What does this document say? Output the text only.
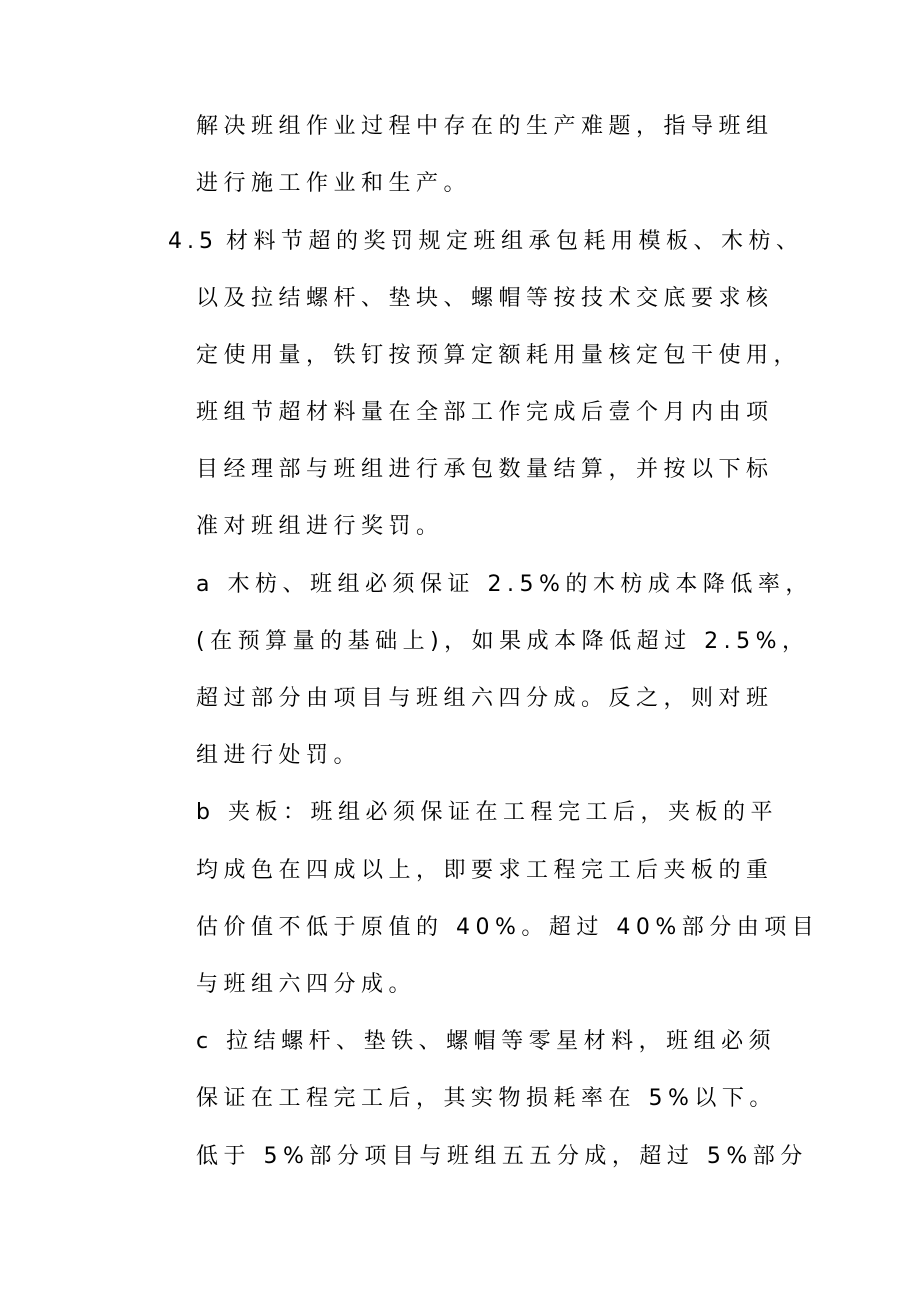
解决班组作业过程中存在的生产难题，指导班组
进行施工作业和生产。
4.5 材料节超的奖罚规定班组承包耗用模板、木枋、
以及拉结螺杆、垫块、螺帽等按技术交底要求核
定使用量，铁钉按预算定额耗用量核定包干使用，
班组节超材料量在全部工作完成后壹个月内由项
目经理部与班组进行承包数量结算，并按以下标
准对班组进行奖罚。
a 木枋、班组必须保证 2.5%的木枋成本降低率，
(在预算量的基础上)，如果成本降低超过 2.5%，
超过部分由项目与班组六四分成。反之，则对班
组进行处罚。
b 夹板：班组必须保证在工程完工后，夹板的平
均成色在四成以上，即要求工程完工后夹板的重
估价值不低于原值的 40%。超过 40%部分由项目
与班组六四分成。
c 拉结螺杆、垫铁、螺帽等零星材料，班组必须
保证在工程完工后，其实物损耗率在 5%以下。
低于 5%部分项目与班组五五分成，超过 5%部分
